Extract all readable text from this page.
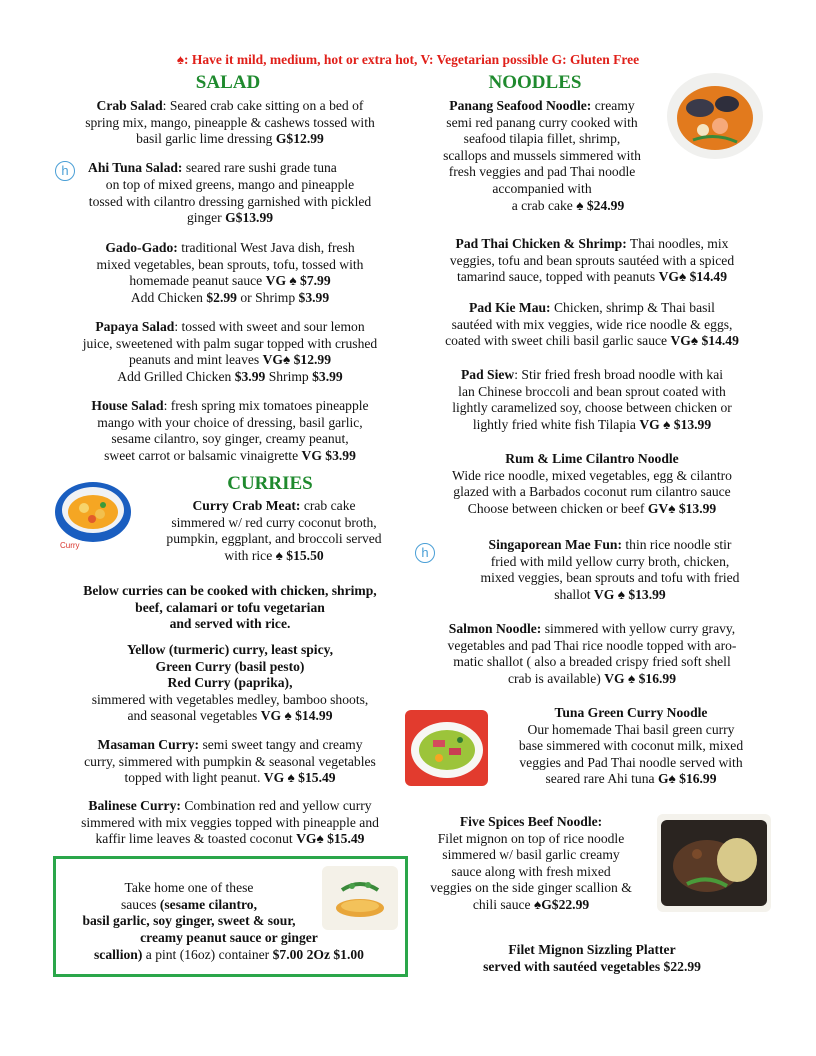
♠: Have it mild, medium, hot or extra hot, V: Vegetarian possible G: Gluten Free
SALAD
Crab Salad: Seared crab cake sitting on a bed of
spring mix, mango, pineapple & cashews tossed with
basil garlic lime dressing G$12.99
h	Ahi Tuna Salad: seared rare sushi grade tuna
on top of mixed greens, mango and pineapple
tossed with cilantro dressing garnished with pickled
ginger G$13.99
Gado-Gado: traditional West Java dish, fresh
mixed vegetables, bean sprouts, tofu, tossed with
homemade peanut sauce VG ♠ $7.99
Add Chicken $2.99 or Shrimp $3.99
Papaya Salad: tossed with sweet and sour lemon
juice, sweetened with palm sugar topped with crushed
peanuts and mint leaves VG♠ $12.99
Add Grilled Chicken $3.99 Shrimp $3.99
House Salad: fresh spring mix tomatoes pineapple
mango with your choice of dressing, basil garlic,
sesame cilantro, soy ginger, creamy peanut,
sweet carrot or balsamic vinaigrette VG $3.99
CURRIES
Curry
Curry Crab Meat: crab cake
simmered w/ red curry coconut broth,
pumpkin, eggplant, and broccoli served
with rice ♠ $15.50
Below curries can be cooked with chicken, shrimp,
beef, calamari or tofu vegetarian
and served with rice.
Yellow (turmeric) curry, least spicy,
Green Curry (basil pesto)
Red Curry (paprika),
simmered with vegetables medley, bamboo shoots,
and seasonal vegetables VG ♠ $14.99
Masaman Curry: semi sweet tangy and creamy
curry, simmered with pumpkin & seasonal vegetables
topped with light peanut. VG ♠ $15.49
Balinese Curry: Combination red and yellow curry
simmered with mix veggies topped with pineapple and
kaffir lime leaves & toasted coconut VG♠ $15.49
Take home one of these
sauces (sesame cilantro,
basil garlic, soy ginger, sweet & sour,
creamy peanut sauce or ginger
scallion) a pint (16oz) container $7.00 2Oz $1.00
NOODLES
Panang Seafood Noodle: creamy
semi red panang curry cooked with
seafood tilapia fillet, shrimp,
scallops and mussels simmered with
fresh veggies and pad Thai noodle
accompanied with
a crab cake ♠ $24.99
Pad Thai Chicken & Shrimp: Thai noodles, mix
veggies, tofu and bean sprouts sautéed with a spiced
tamarind sauce, topped with peanuts VG♠ $14.49
Pad Kie Mau: Chicken, shrimp & Thai basil
sautéed with mix veggies, wide rice noodle & eggs,
coated with sweet chili basil garlic sauce VG♠ $14.49
Pad Siew: Stir fried fresh broad noodle with kai
lan Chinese broccoli and bean sprout coated with
lightly caramelized soy, choose between chicken or
lightly fried white fish Tilapia VG ♠ $13.99
Rum & Lime Cilantro Noodle
Wide rice noodle, mixed vegetables, egg & cilantro
glazed with a Barbados coconut rum cilantro sauce
Choose between chicken or beef GV♠ $13.99
h
Singaporean Mae Fun: thin rice noodle stir
fried with mild yellow curry broth, chicken,
mixed veggies, bean sprouts and tofu with fried
shallot VG ♠ $13.99
Salmon Noodle: simmered with yellow curry gravy,
vegetables and pad Thai rice noodle topped with aro-
matic shallot ( also a breaded crispy fried soft shell
crab is available) VG ♠ $16.99
Tuna Green Curry Noodle
Our homemade Thai basil green curry
base simmered with coconut milk, mixed
veggies and Pad Thai noodle served with
seared rare Ahi tuna G♠ $16.99
Five Spices Beef Noodle:
Filet mignon on top of rice noodle
simmered w/ basil garlic creamy
sauce along with fresh mixed
veggies on the side ginger scallion &
chili sauce ♠G$22.99
Filet Mignon Sizzling Platter
served with sautéed vegetables $22.99
